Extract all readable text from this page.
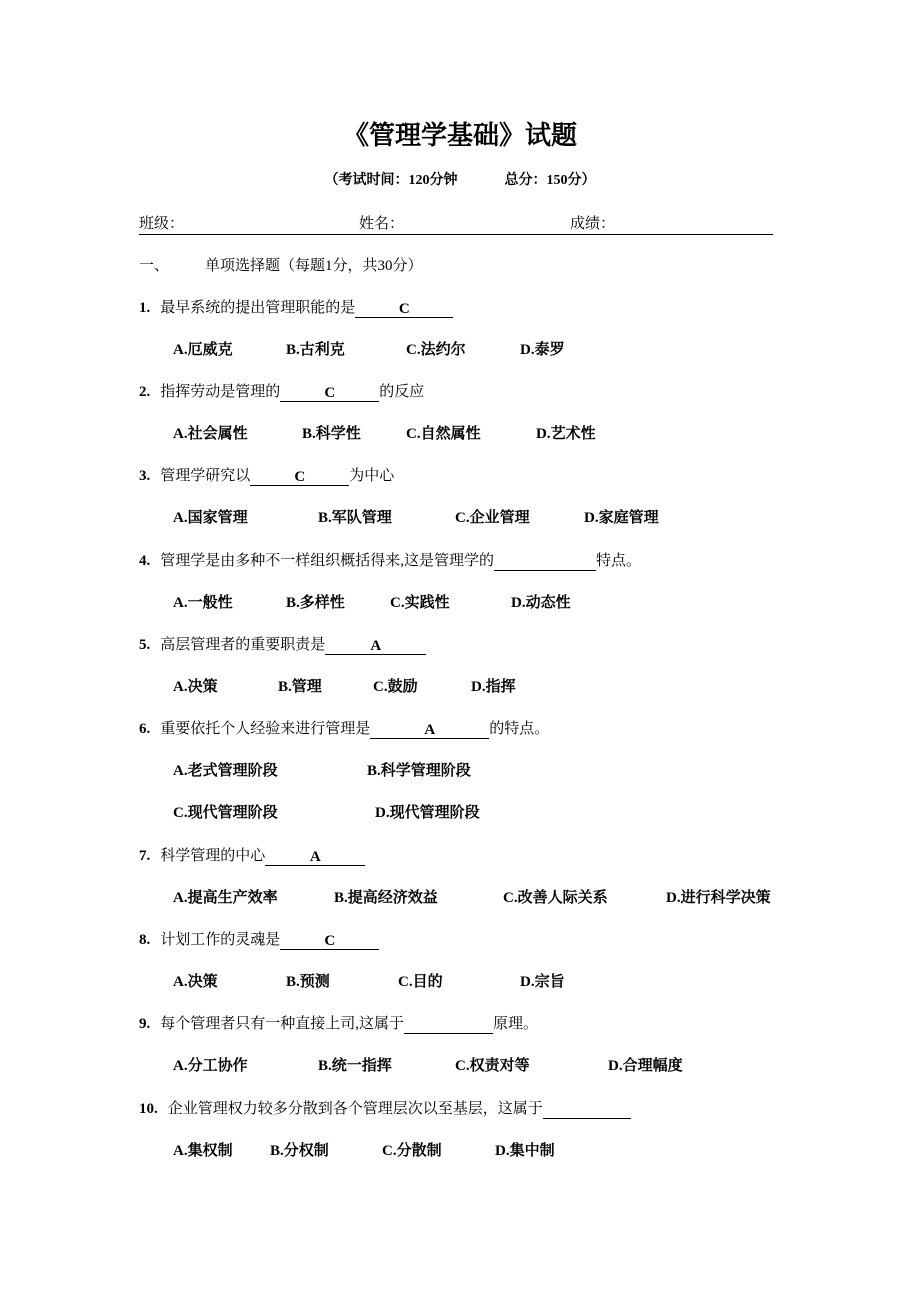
《管理学基础》试题
（考试时间：120分钟	总分：150分）
班级：	姓名：	成绩：
一、 单项选择题（每题1分，共30分）
1. 最早系统的提出管理职能的是	C
A.厄威克	B.古利克	C.法约尔	D.泰罗
2. 指挥劳动是管理的	C	的反应
A.社会属性	B.科学性	C.自然属性	D.艺术性
3. 管理学研究以	C	为中心
A.国家管理	B.军队管理	C.企业管理	D.家庭管理
4. 管理学是由多种不一样组织概括得来,这是管理学的	特点。
A.一般性	B.多样性	C.实践性	D.动态性
5. 高层管理者的重要职责是	A
A.决策	B.管理	C.鼓励	D.指挥
6. 重要依托个人经验来进行管理是	A	的特点。
A.老式管理阶段	B.科学管理阶段
C.现代管理阶段	D.现代管理阶段
7. 科学管理的中心	A
A.提高生产效率	B.提高经济效益	C.改善人际关系	D.进行科学决策
8. 计划工作的灵魂是	C
A.决策	B.预测	C.目的	D.宗旨
9. 每个管理者只有一种直接上司,这属于	原理。
A.分工协作	B.统一指挥	C.权责对等	D.合理幅度
10. 企业管理权力较多分散到各个管理层次以至基层，这属于
A.集权制 B.分权制	C.分散制	D.集中制
